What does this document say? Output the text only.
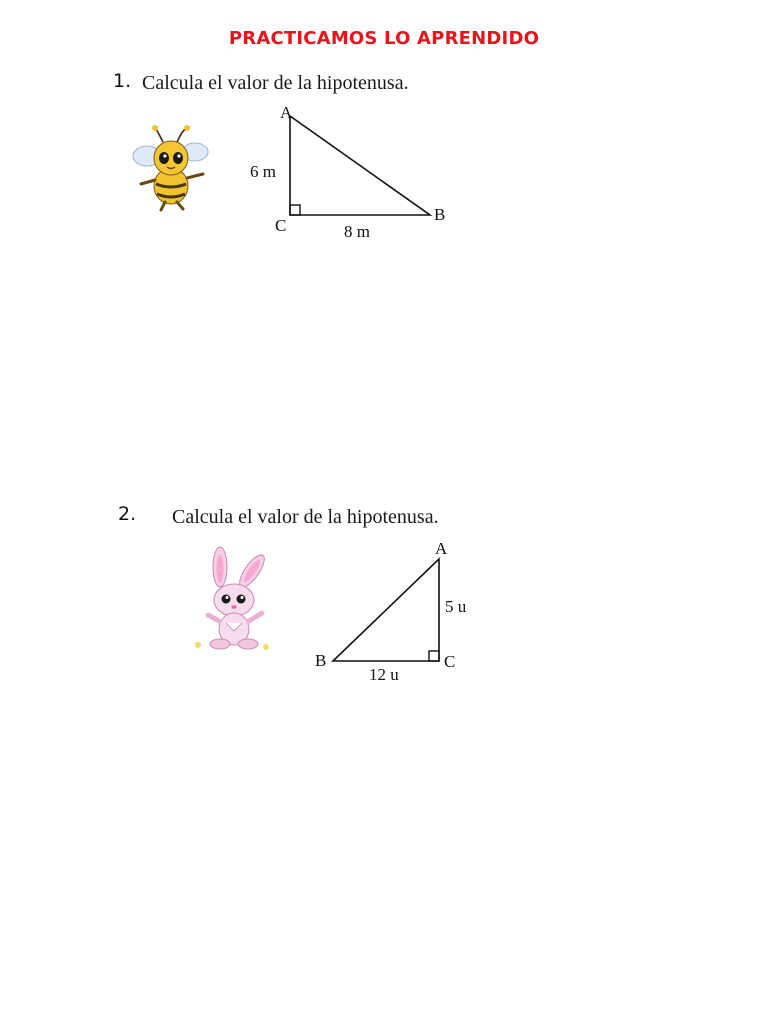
PRACTICAMOS LO APRENDIDO
1. Calcula el valor de la hipotenusa.
A
C
B
6 m
8 m
2. Calcula el valor de la hipotenusa.
A
B	C
5 u
12 u
